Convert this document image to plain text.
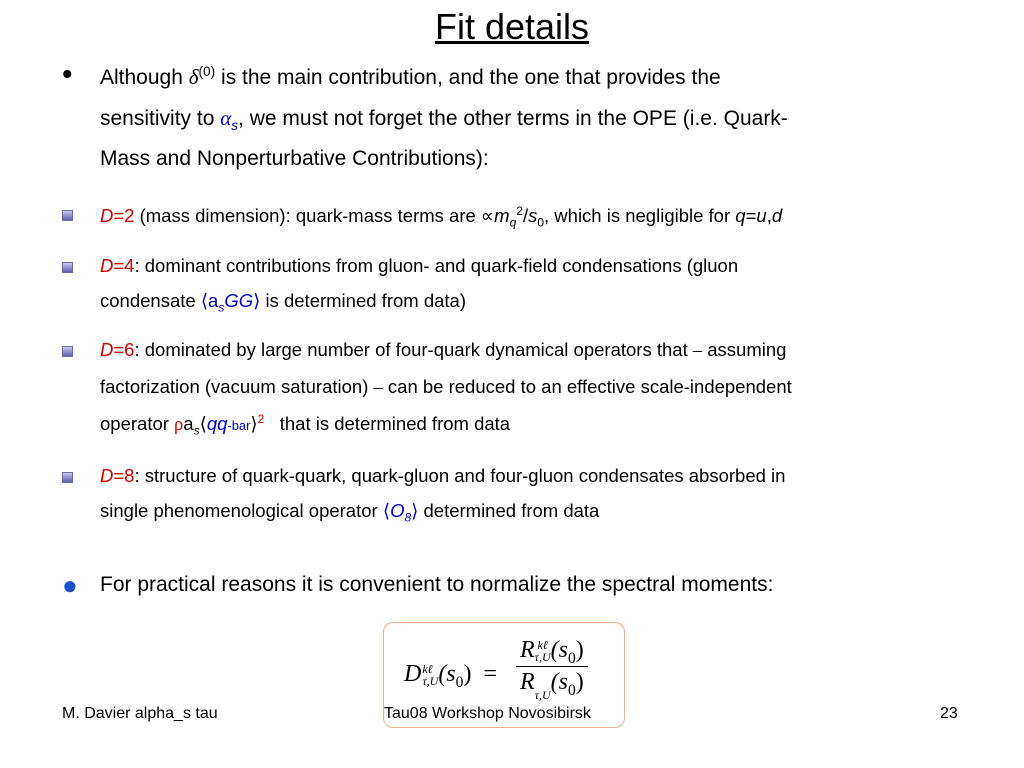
Fit details
• Although $\delta^{(0)}$ is the main contribution, and the one that provides the
sensitivity to $\alpha_s$, we must not forget the other terms in the OPE (i.e. Quark-
Mass and Nonperturbative Contributions):
D=2 (mass dimension): quark-mass terms are $\propto m_q^2/s_0$, which is negligible for q=u,d
D=4: dominant contributions from gluon- and quark-field condensations (gluon
condensate $⟨a_sGG⟩$ is determined from data)
D=6: dominated by large number of four-quark dynamical operators that – assuming
factorization (vacuum saturation) – can be reduced to an effective scale-independent
operator $\rho a_s⟨qq-bar⟩^2$   that is determined from data
D=8: structure of quark-quark, quark-gluon and four-gluon condensates absorbed in
single phenomenological operator $⟨O_8⟩$ determined from data
● For practical reasons it is convenient to normalize the spectral moments:
D kℓ
τ,U $(s_0)$ =
R kℓ
τ,U $(s_0)$
$R\tau,U(s_0)$
M. Davier alpha_s tau	Tau08 Workshop Novosibirsk	23
